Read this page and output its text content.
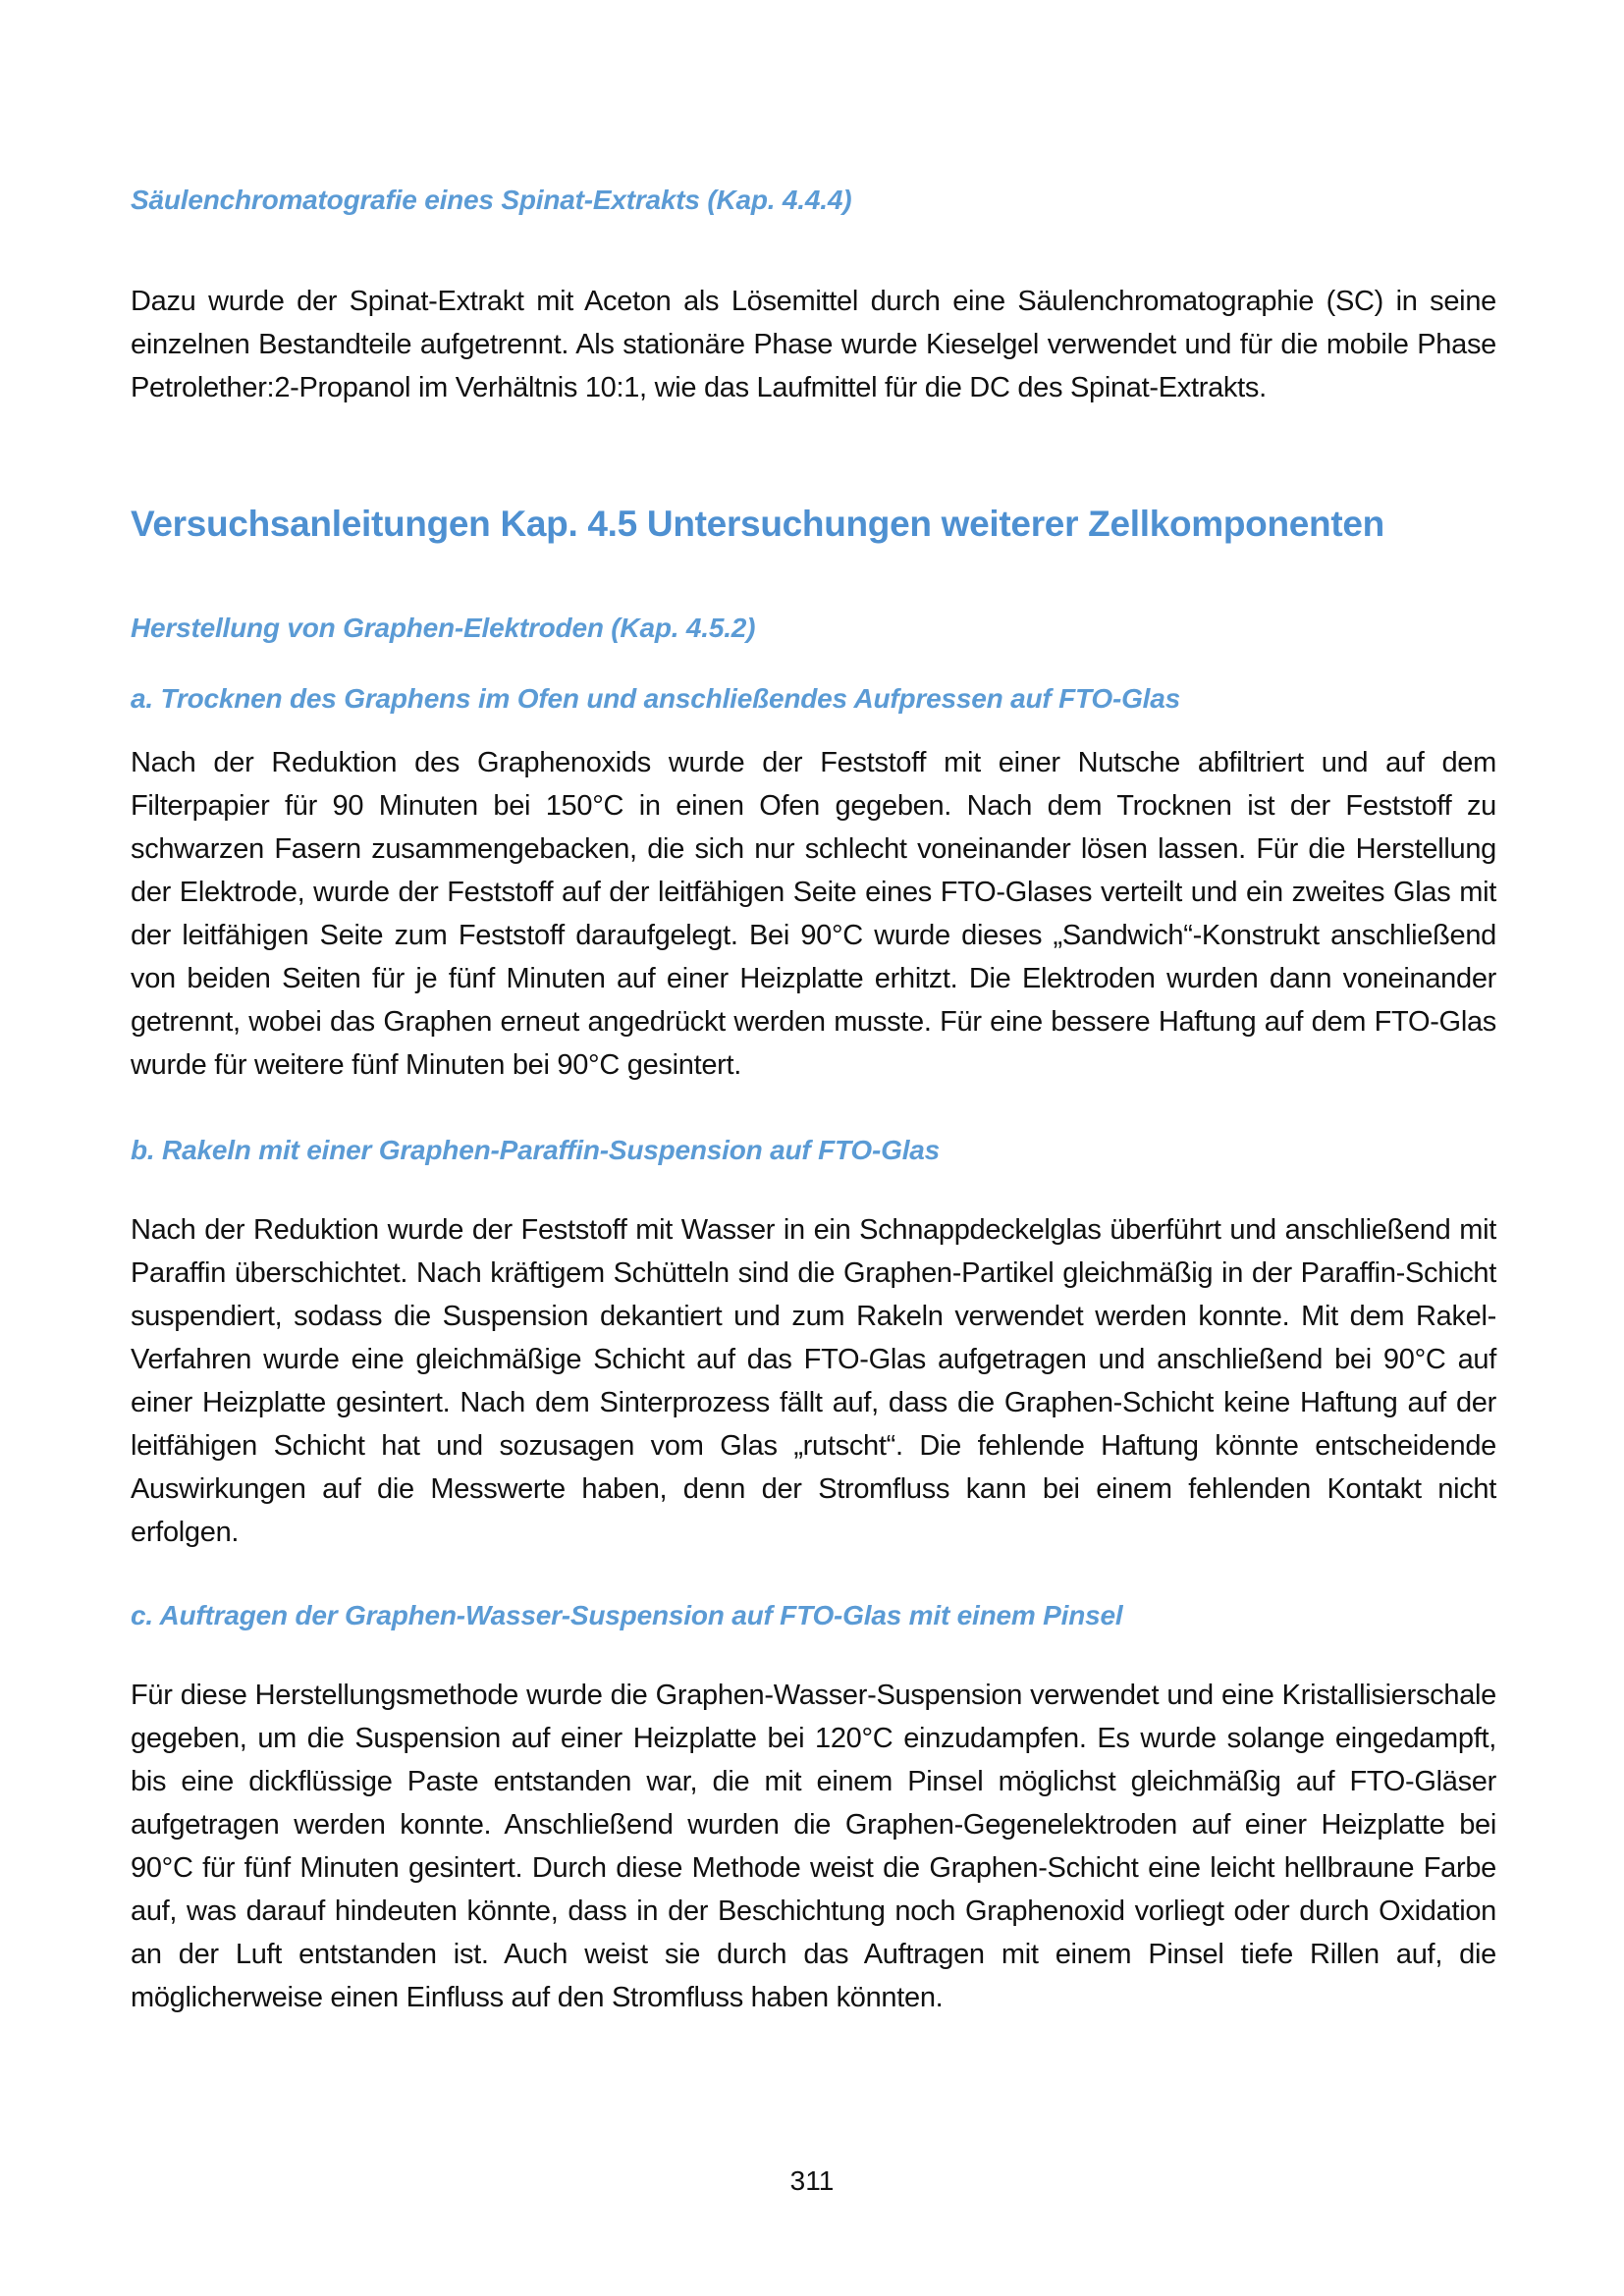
Säulenchromatografie eines Spinat-Extrakts (Kap. 4.4.4)
Dazu wurde der Spinat-Extrakt mit Aceton als Lösemittel durch eine Säulenchromatographie (SC) in seine einzelnen Bestandteile aufgetrennt. Als stationäre Phase wurde Kieselgel verwendet und für die mobile Phase Petrolether:2-Propanol im Verhältnis 10:1, wie das Laufmittel für die DC des Spinat-Extrakts.
Versuchsanleitungen Kap. 4.5 Untersuchungen weiterer Zellkomponenten
Herstellung von Graphen-Elektroden (Kap. 4.5.2)
a. Trocknen des Graphens im Ofen und anschließendes Aufpressen auf FTO-Glas
Nach der Reduktion des Graphenoxids wurde der Feststoff mit einer Nutsche abfiltriert und auf dem Filterpapier für 90 Minuten bei 150°C in einen Ofen gegeben. Nach dem Trocknen ist der Feststoff zu schwarzen Fasern zusammengebacken, die sich nur schlecht voneinander lösen lassen. Für die Herstellung der Elektrode, wurde der Feststoff auf der leitfähigen Seite eines FTO-Glases verteilt und ein zweites Glas mit der leitfähigen Seite zum Feststoff daraufgelegt. Bei 90°C wurde dieses „Sandwich“-Konstrukt anschließend von beiden Seiten für je fünf Minuten auf einer Heizplatte erhitzt. Die Elektroden wurden dann voneinander getrennt, wobei das Graphen erneut angedrückt werden musste. Für eine bessere Haftung auf dem FTO-Glas wurde für weitere fünf Minuten bei 90°C gesintert.
b. Rakeln mit einer Graphen-Paraffin-Suspension auf FTO-Glas
Nach der Reduktion wurde der Feststoff mit Wasser in ein Schnappdeckelglas überführt und anschließend mit Paraffin überschichtet. Nach kräftigem Schütteln sind die Graphen-Partikel gleichmäßig in der Paraffin-Schicht suspendiert, sodass die Suspension dekantiert und zum Rakeln verwendet werden konnte. Mit dem Rakel-Verfahren wurde eine gleichmäßige Schicht auf das FTO-Glas aufgetragen und anschließend bei 90°C auf einer Heizplatte gesintert. Nach dem Sinterprozess fällt auf, dass die Graphen-Schicht keine Haftung auf der leitfähigen Schicht hat und sozusagen vom Glas „rutscht“. Die fehlende Haftung könnte entscheidende Auswirkungen auf die Messwerte haben, denn der Stromfluss kann bei einem fehlenden Kontakt nicht erfolgen.
c. Auftragen der Graphen-Wasser-Suspension auf FTO-Glas mit einem Pinsel
Für diese Herstellungsmethode wurde die Graphen-Wasser-Suspension verwendet und eine Kristallisierschale gegeben, um die Suspension auf einer Heizplatte bei 120°C einzudampfen. Es wurde solange eingedampft, bis eine dickflüssige Paste entstanden war, die mit einem Pinsel möglichst gleichmäßig auf FTO-Gläser aufgetragen werden konnte. Anschließend wurden die Graphen-Gegenelektroden auf einer Heizplatte bei 90°C für fünf Minuten gesintert. Durch diese Methode weist die Graphen-Schicht eine leicht hellbraune Farbe auf, was darauf hindeuten könnte, dass in der Beschichtung noch Graphenoxid vorliegt oder durch Oxidation an der Luft entstanden ist. Auch weist sie durch das Auftragen mit einem Pinsel tiefe Rillen auf, die möglicherweise einen Einfluss auf den Stromfluss haben könnten.
311
